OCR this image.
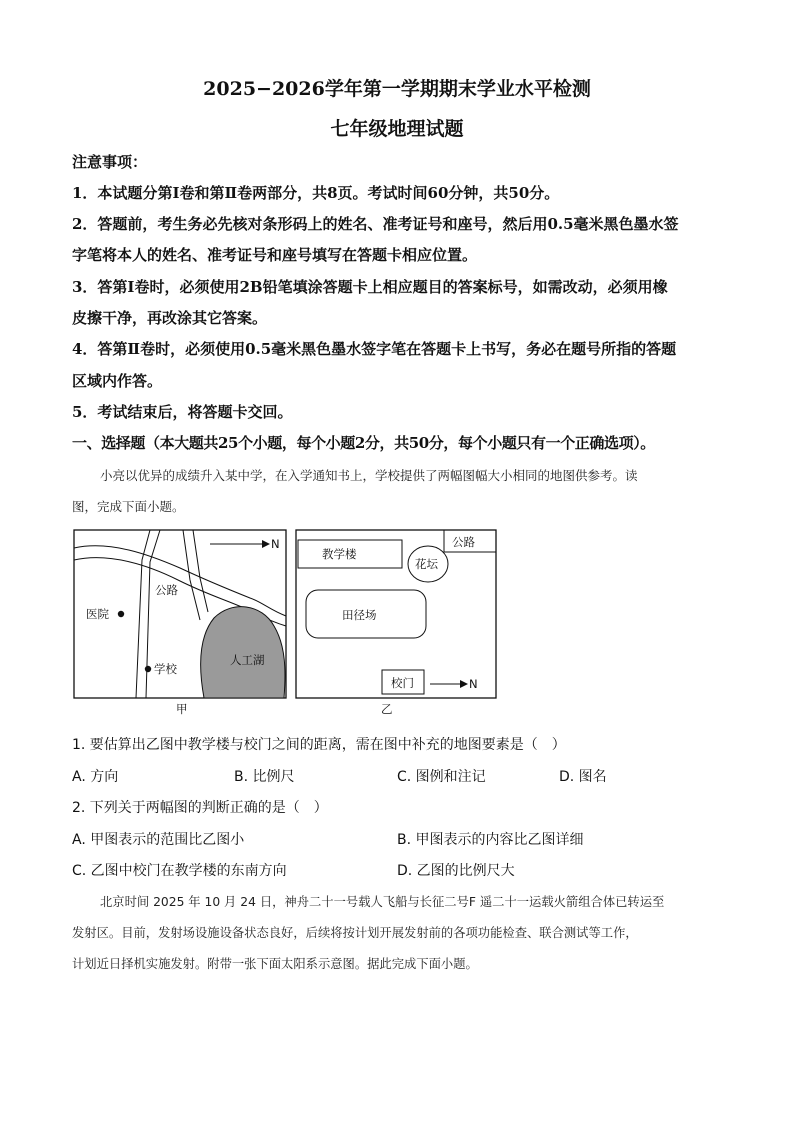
2025−2026学年第一学期期末学业水平检测
七年级地理试题
注意事项：
1．本试题分第Ⅰ卷和第Ⅱ卷两部分，共8页。考试时间60分钟，共50分。
2．答题前，考生务必先核对条形码上的姓名、准考证号和座号，然后用0.5毫米黑色墨水签
字笔将本人的姓名、准考证号和座号填写在答题卡相应位置。
3．答第Ⅰ卷时，必须使用2B铅笔填涂答题卡上相应题目的答案标号，如需改动，必须用橡
皮擦干净，再改涂其它答案。
4．答第Ⅱ卷时，必须使用0.5毫米黑色墨水签字笔在答题卡上书写，务必在题号所指的答题
区域内作答。
5．考试结束后，将答题卡交回。
一、选择题（本大题共25个小题，每个小题2分，共50分，每个小题只有一个正确选项）。
小亮以优异的成绩升入某中学，在入学通知书上，学校提供了两幅图幅大小相同的地图供参考。读
图，完成下面小题。
N
公路
医院
学校
人工湖
甲
教学楼
公路
花坛
田径场
校门	N
乙
1. 要估算出乙图中教学楼与校门之间的距离，需在图中补充的地图要素是（　）
A. 方向	B. 比例尺	C. 图例和注记	D. 图名
2. 下列关于两幅图的判断正确的是（　）
A. 甲图表示的范围比乙图小	B. 甲图表示的内容比乙图详细
C. 乙图中校门在教学楼的东南方向	D. 乙图的比例尺大
北京时间 2025 年 10 月 24 日，神舟二十一号载人飞船与长征二号F 遥二十一运载火箭组合体已转运至
发射区。目前，发射场设施设备状态良好，后续将按计划开展发射前的各项功能检查、联合测试等工作，
计划近日择机实施发射。附带一张下面太阳系示意图。据此完成下面小题。
